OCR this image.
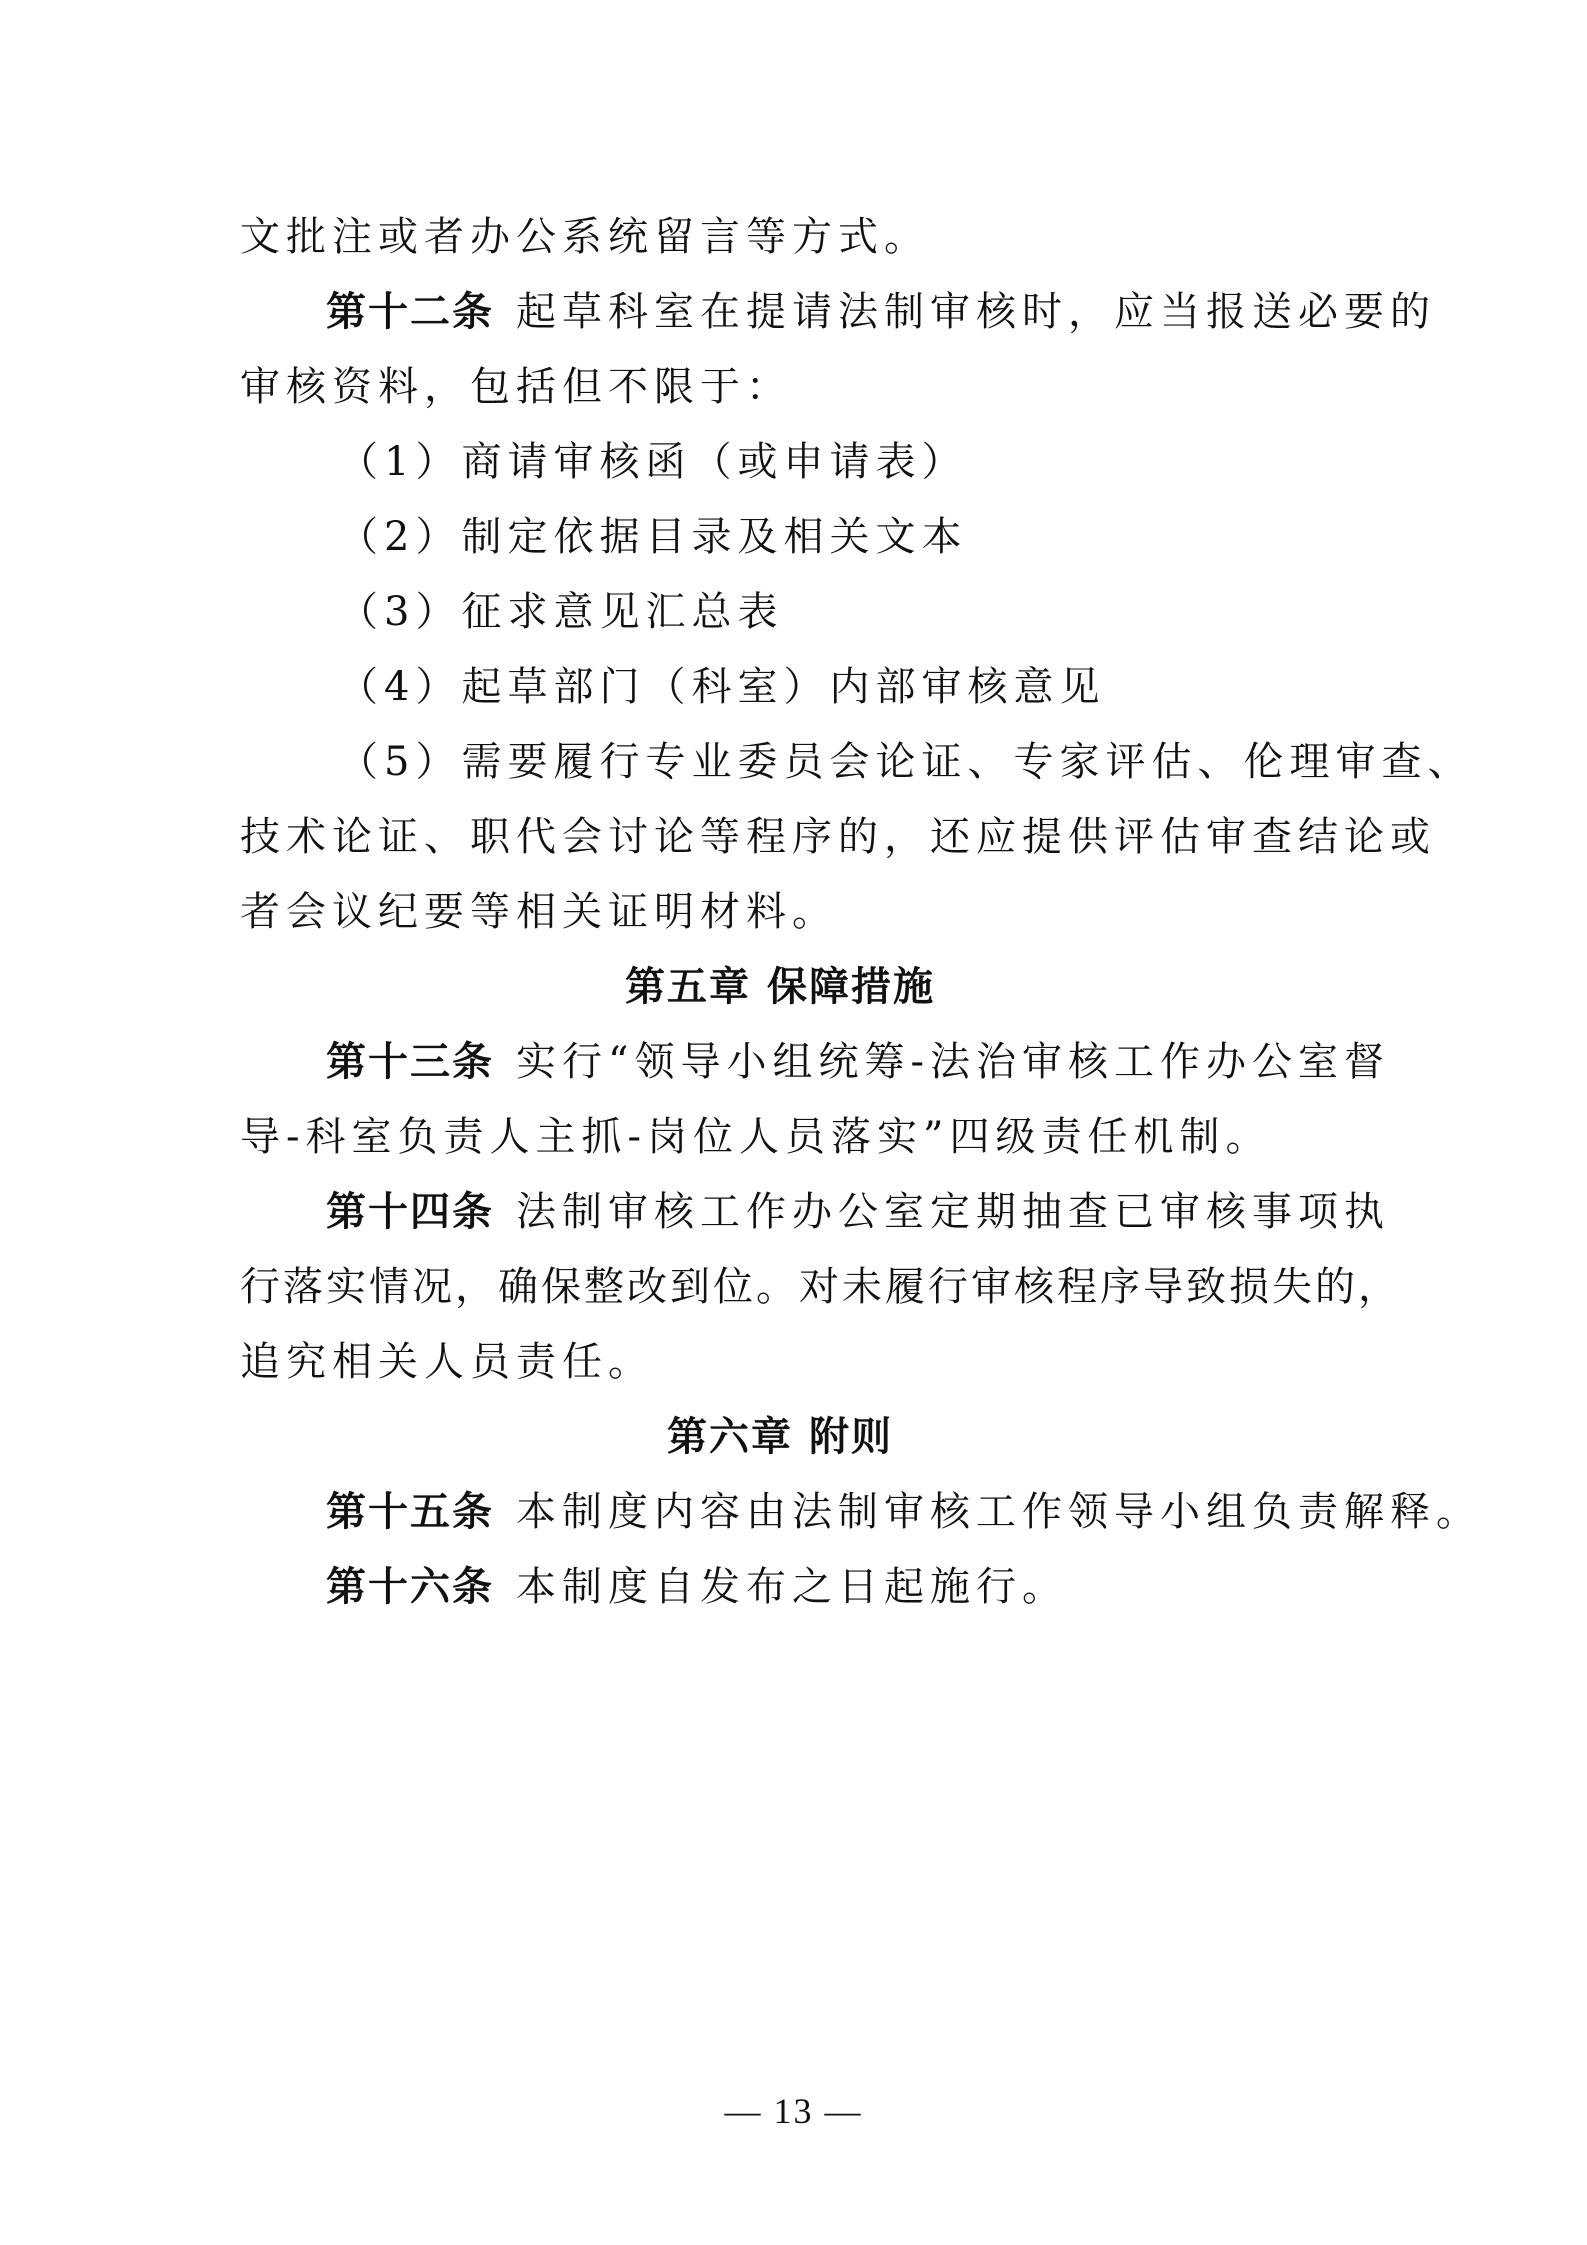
文批注或者办公系统留言等方式。
第十二条 起草科室在提请法制审核时，应当报送必要的
审核资料，包括但不限于：
（1）商请审核函（或申请表）
（2）制定依据目录及相关文本
（3）征求意见汇总表
（4）起草部门（科室）内部审核意见
（5）需要履行专业委员会论证、专家评估、伦理审查、
技术论证、职代会讨论等程序的，还应提供评估审查结论或
者会议纪要等相关证明材料。
第五章 保障措施
第十三条 实行“领导小组统筹-法治审核工作办公室督
导-科室负责人主抓-岗位人员落实”四级责任机制。
第十四条 法制审核工作办公室定期抽查已审核事项执
行落实情况，确保整改到位。对未履行审核程序导致损失的，
追究相关人员责任。
第六章 附则
第十五条 本制度内容由法制审核工作领导小组负责解释。
第十六条 本制度自发布之日起施行。
— 13 —
